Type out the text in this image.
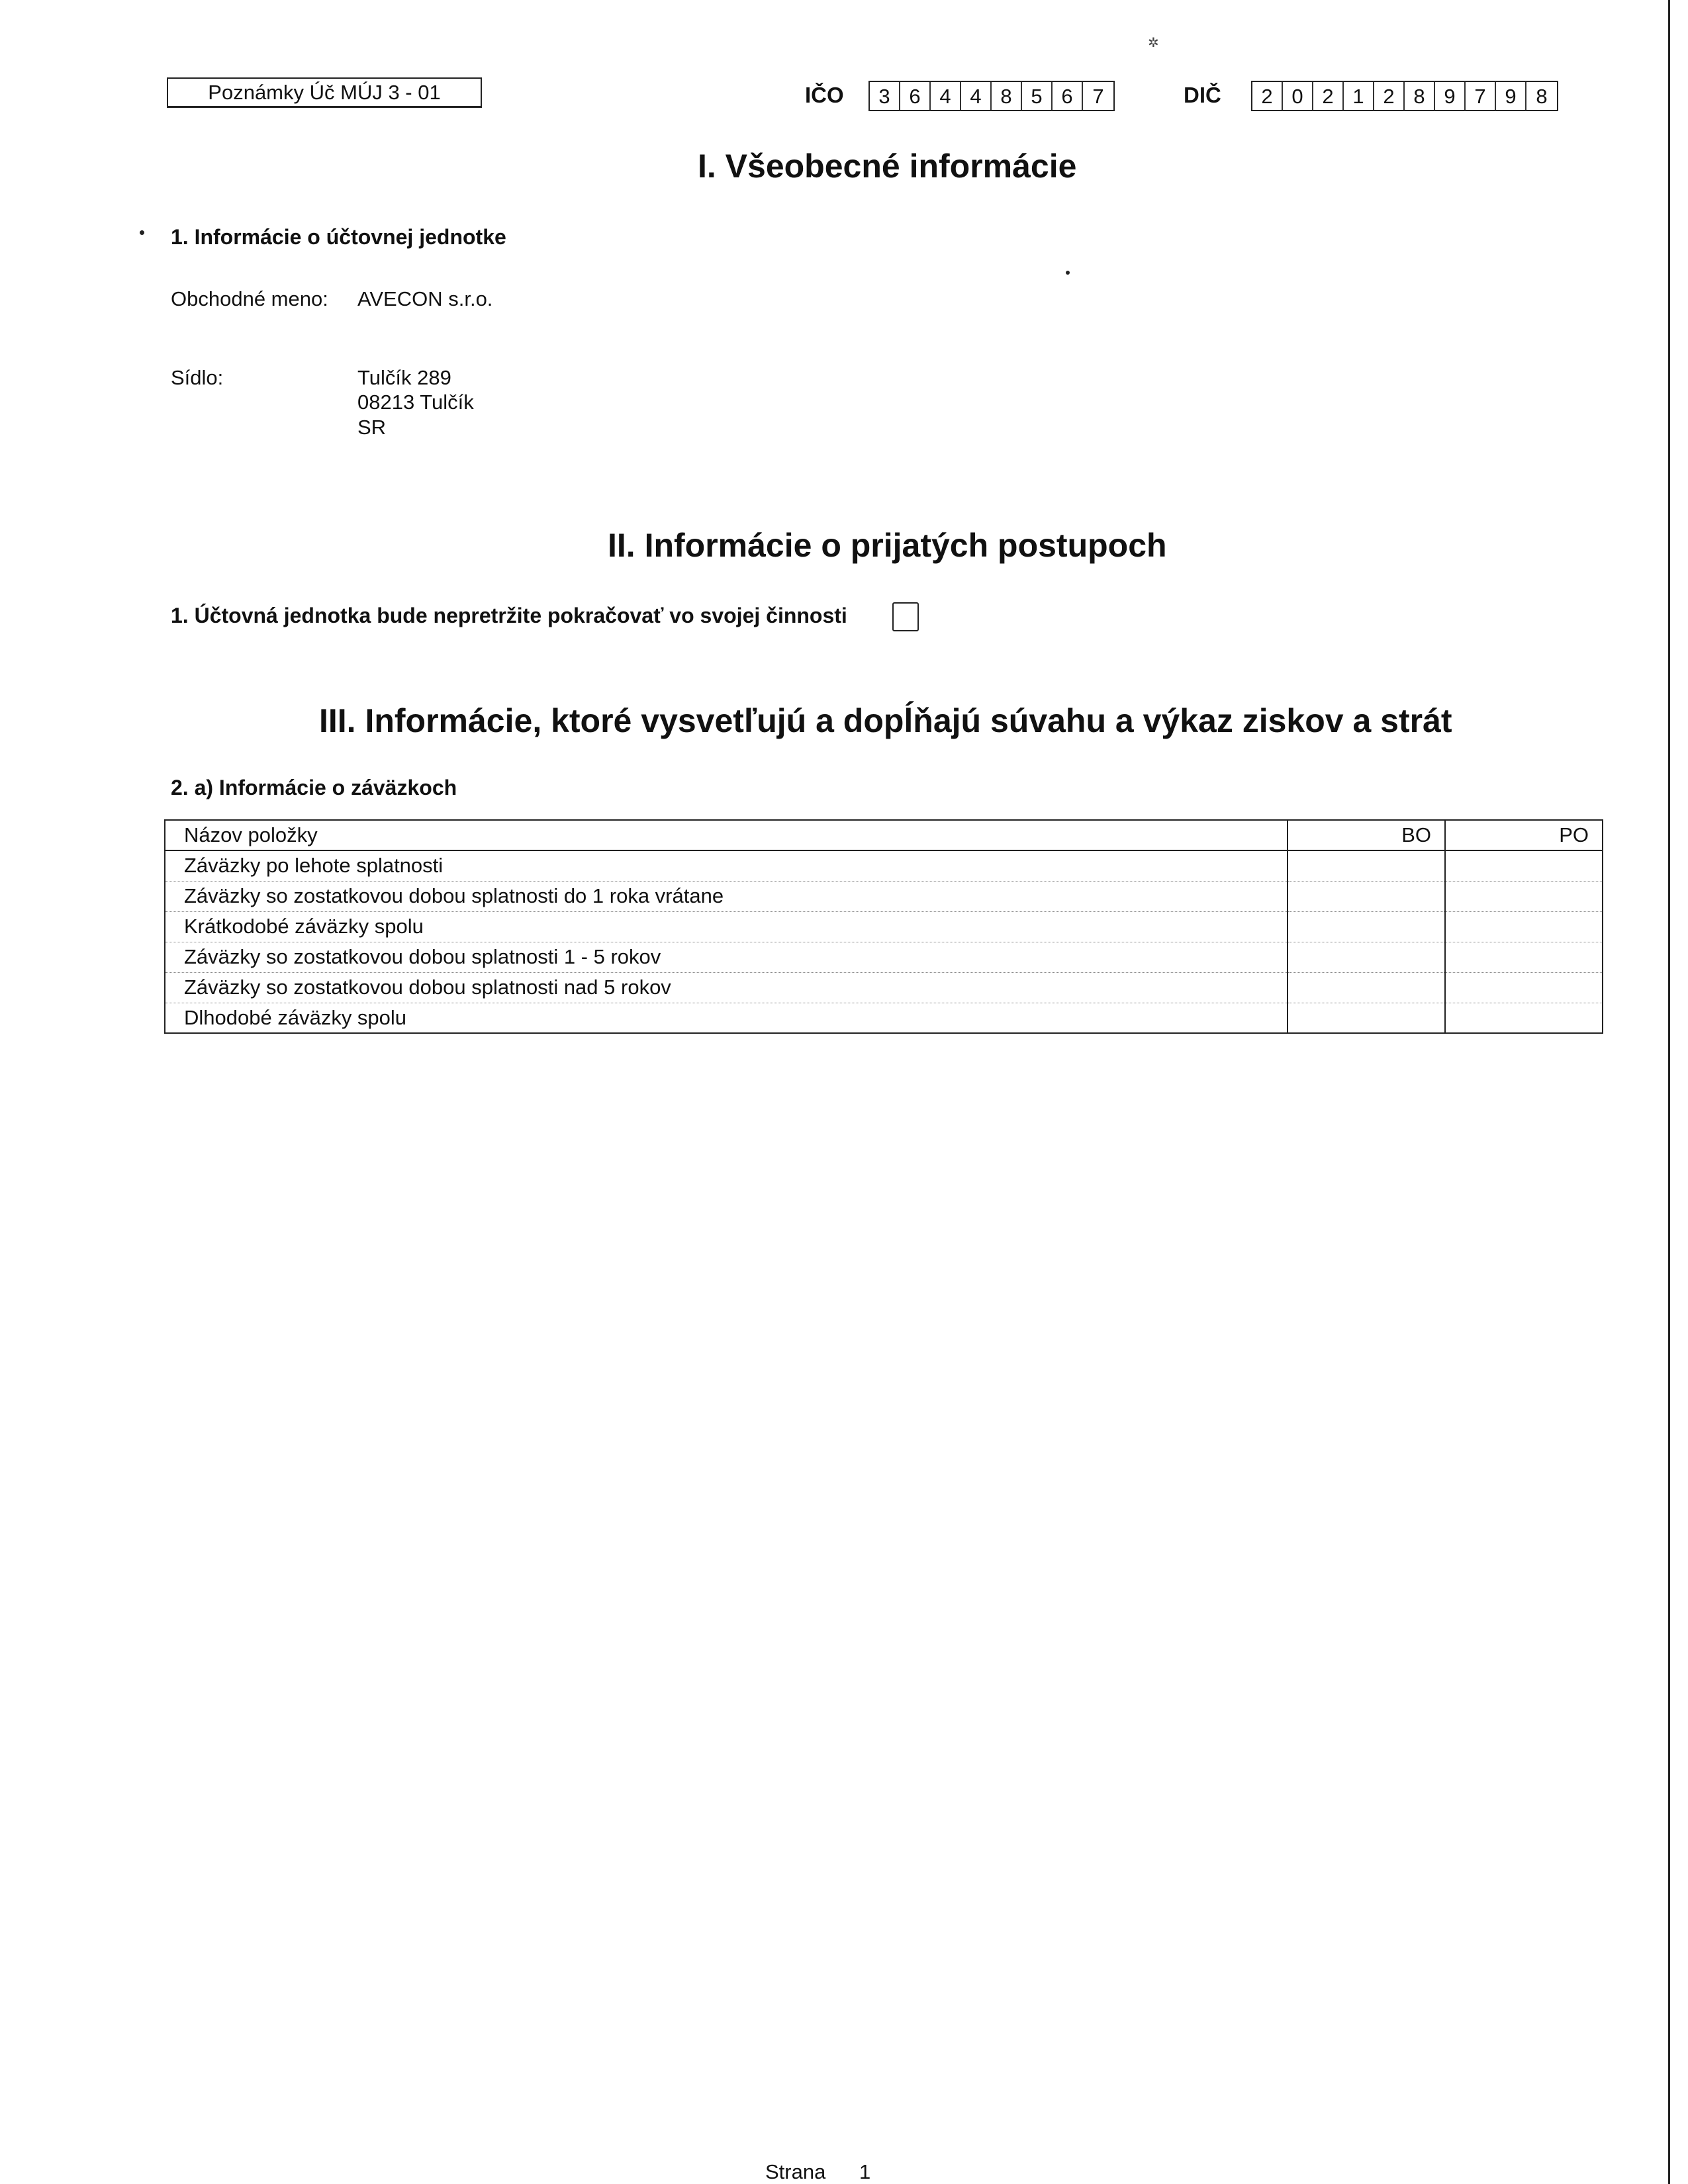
✲
Poznámky Úč MÚJ 3 - 01	IČO	3 6 4 4 8 5 6 7	DIČ	2 0 2 1 2 8 9 7 9 8
I. Všeobecné informácie
1. Informácie o účtovnej jednotke
Obchodné meno: AVECON s.r.o.
Sídlo:	Tulčík 289
08213 Tulčík
SR
II. Informácie o prijatých postupoch
1. Účtovná jednotka bude nepretržite pokračovať vo svojej činnosti
III. Informácie, ktoré vysvetľujú a dopĺňajú súvahu a výkaz ziskov a strát
2. a) Informácie o záväzkoch
Názov položky	BO	PO
Záväzky po lehote splatnosti		
Záväzky so zostatkovou dobou splatnosti do 1 roka vrátane		
Krátkodobé záväzky spolu		
Záväzky so zostatkovou dobou splatnosti 1 - 5 rokov		
Záväzky so zostatkovou dobou splatnosti nad 5 rokov		
Dlhodobé záväzky spolu		
Strana 1
